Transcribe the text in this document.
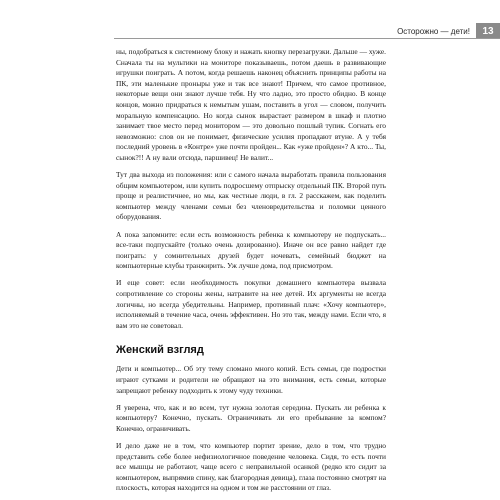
Осторожно — дети!	13

ны, подобраться к системному блоку и нажать кнопку перезагрузки. Дальше — хуже. Сначала ты на мультики на мониторе показываешь, потом даешь в развивающие игрушки поиграть. А потом, когда решаешь наконец объяснить принципы работы на ПК, эти маленькие проныры уже и так все знают! Причем, что самое противное, некоторые вещи они знают лучше тебя. Ну что ладно, это просто обидно. В конце концов, можно придраться к немытым ушам, поставить в угол — словом, получить моральную компенсацию. Но когда сынок вырастает размером в шкаф и плотно занимает твое место перед монитором — это довольно пошлый тупик. Согнать его невозможно: слов он не понимает, физические усилия пропадают втуне. А у тебя последний уровень в «Контре» уже почти пройден... Как «уже пройден»? А кто... Ты, сынок?!! А ну вали отсюда, паршивец! Не валит...

Тут два выхода из положения: или с самого начала выработать правила пользования общим компьютером, или купить подросшему отпрыску отдельный ПК. Второй путь проще и реалистичнее, но мы, как честные люди, в гл. 2 расскажем, как поделить компьютер между членами семьи без членовредительства и поломки ценного оборудования.

А пока запомните: если есть возможность ребенка к компьютеру не подпускать... все-таки подпускайте (только очень дозированно). Иначе он все равно найдет где поиграть: у сомнительных друзей будет ночевать, семейный бюджет на компьютерные клубы транжирить. Уж лучше дома, под присмотром.

И еще совет: если необходимость покупки домашнего компьютера вызвала сопротивление со стороны жены, натравите на нее детей. Их аргументы не всегда логичны, но всегда убедительны. Например, противный плач: «Хочу компьютер», исполняемый в течение часа, очень эффективен. Но это так, между нами. Если что, я вам это не советовал.

Женский взгляд

Дети и компьютер... Об эту тему сломано много копий. Есть семьи, где подростки играют сутками и родители не обращают на это внимания, есть семьи, которые запрещают ребенку подходить к этому чуду техники.

Я уверена, что, как и во всем, тут нужна золотая середина. Пускать ли ребенка к компьютеру? Конечно, пускать. Ограничивать ли его пребывание за компом? Конечно, ограничивать.

И дело даже не в том, что компьютер портит зрение, дело в том, что трудно представить себе более нефизиологичное поведение человека. Сидя, то есть почти все мышцы не работают, чаще всего с неправильной осанкой (редко кто сидит за компьютером, выпрямив спину, как благородная девица), глаза постоянно смотрят на плоскость, которая находится на одном и том же расстоянии от глаз.
